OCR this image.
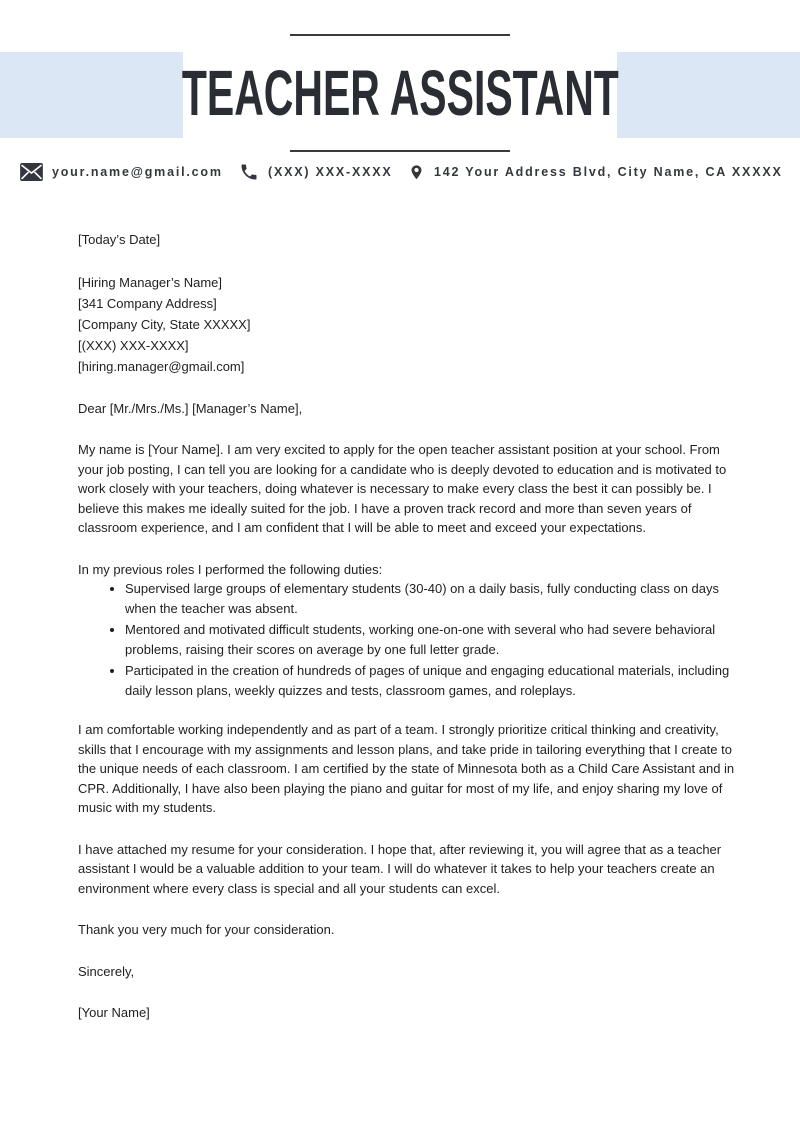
TEACHER ASSISTANT
your.name@gmail.com	(XXX) XXX-XXXX	142 Your Address Blvd, City Name, CA XXXXX

[Today’s Date]

[Hiring Manager’s Name]
[341 Company Address]
[Company City, State XXXXX]
[(XXX) XXX-XXXX]
[hiring.manager@gmail.com]

Dear [Mr./Mrs./Ms.] [Manager’s Name],

My name is [Your Name]. I am very excited to apply for the open teacher assistant position at your school. From your job posting, I can tell you are looking for a candidate who is deeply devoted to education and is motivated to work closely with your teachers, doing whatever is necessary to make every class the best it can possibly be. I believe this makes me ideally suited for the job. I have a proven track record and more than seven years of classroom experience, and I am confident that I will be able to meet and exceed your expectations.

In my previous roles I performed the following duties:

• Supervised large groups of elementary students (30-40) on a daily basis, fully conducting class on days when the teacher was absent.
• Mentored and motivated difficult students, working one-on-one with several who had severe behavioral problems, raising their scores on average by one full letter grade.
• Participated in the creation of hundreds of pages of unique and engaging educational materials, including daily lesson plans, weekly quizzes and tests, classroom games, and roleplays.

I am comfortable working independently and as part of a team. I strongly prioritize critical thinking and creativity, skills that I encourage with my assignments and lesson plans, and take pride in tailoring everything that I create to the unique needs of each classroom. I am certified by the state of Minnesota both as a Child Care Assistant and in CPR. Additionally, I have also been playing the piano and guitar for most of my life, and enjoy sharing my love of music with my students.

I have attached my resume for your consideration. I hope that, after reviewing it, you will agree that as a teacher assistant I would be a valuable addition to your team. I will do whatever it takes to help your teachers create an environment where every class is special and all your students can excel.

Thank you very much for your consideration.

Sincerely,

[Your Name]
